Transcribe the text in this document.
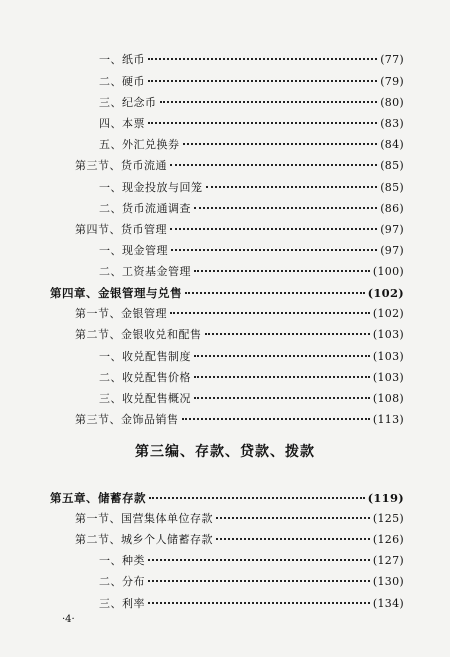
一、纸币	(77)
二、硬币	(79)
三、纪念币	(80)
四、本票	(83)
五、外汇兑换券	(84)
第三节、货币流通	(85)
一、现金投放与回笼	(85)
二、货币流通调查	(86)
第四节、货币管理	(97)
一、现金管理	(97)
二、工资基金管理	(100)
第四章、金银管理与兑售	(102)
第一节、金银管理	(102)
第二节、金银收兑和配售	(103)
一、收兑配售制度	(103)
二、收兑配售价格	(103)
三、收兑配售概况	(108)
第三节、金饰品销售	(113)
第三编、存款、贷款、拨款
第五章、储蓄存款	(119)
第一节、国营集体单位存款	(125)
第二节、城乡个人储蓄存款	(126)
一、种类	(127)
二、分布	(130)
三、利率	(134)
·4·
